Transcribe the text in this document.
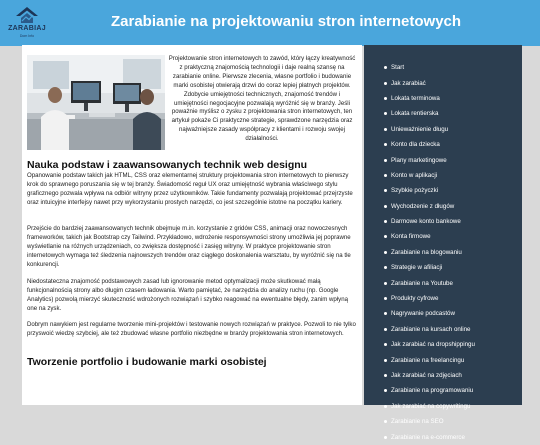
ZARABIAJ
Dom Info
Zarabianie na projektowaniu stron internetowych
Projektowanie stron internetowych to zawód, który łączy kreatywność z praktyczną znajomością technologii i daje realną szansę na zarabianie online. Pierwsze zlecenia, własne portfolio i budowanie marki osobistej otwierają drzwi do coraz lepiej płatnych projektów. Zdobycie umiejętności technicznych, znajomość trendów i umiejętności negocjacyjne pozwalają wyróżnić się w branży. Jeśli poważnie myślisz o zysku z projektowania stron internetowych, ten artykuł pokaże Ci praktyczne strategie, sprawdzone narzędzia oraz najważniejsze zasady współpracy z klientami i rozwoju swojej działalności.
Nauka podstaw i zaawansowanych technik web designu
Opanowanie podstaw takich jak HTML, CSS oraz elementarnej struktury projektowania stron internetowych to pierwszy krok do sprawnego poruszania się w tej branży. Świadomość reguł UX oraz umiejętność wybrania właściwego stylu graficznego pozwala wpływa na odbiór witryny przez użytkowników. Takie fundamenty pozwalają projektować przejrzyste oraz intuicyjne interfejsy nawet przy wykorzystaniu prostych narzędzi, co jest szczególnie istotne na początku kariery.
Przejście do bardziej zaawansowanych technik obejmuje m.in. korzystanie z gridów CSS, animacji oraz nowoczesnych frameworków, takich jak Bootstrap czy Tailwind. Przykładowo, wdrożenie responsywności strony umożliwia jej poprawne wyświetlanie na różnych urządzeniach, co zwiększa dostępność i zasięg witryny. W praktyce projektowanie stron internetowych wymaga też śledzenia najnowszych trendów oraz ciągłego doskonalenia warsztatu, by wyróżnić się na tle konkurencji.
Niedostateczna znajomość podstawowych zasad lub ignorowanie metod optymalizacji może skutkować małą funkcjonalnością strony albo długim czasem ładowania. Warto pamiętać, że narzędzia do analizy ruchu (np. Google Analytics) pozwolą mierzyć skuteczność wdrożonych rozwiązań i szybko reagować na ewentualne błędy, zanim wpłyną one na zysk.
Dobrym nawykiem jest regularne tworzenie mini-projektów i testowanie nowych rozwiązań w praktyce. Pozwoli to nie tylko przyswoić wiedzę szybciej, ale też zbudować własne portfolio niezbędne w branży projektowania stron internetowych.
Tworzenie portfolio i budowanie marki osobistej
Start
Jak zarabiać
Lokata terminowa
Lokata rentierska
Unieważnienie długu
Konto dla dziecka
Plany marketingowe
Konto w aplikacji
Szybkie pożyczki
Wychodzenie z długów
Darmowe konto bankowe
Konta firmowe
Zarabianie na blogowaniu
Strategie w afiliacji
Zarabianie na Youtube
Produkty cyfrowe
Nagrywanie podcastów
Zarabianie na kursach online
Jak zarabiać na dropshippingu
Zarabianie na freelancingu
Jak zarabiać na zdjęciach
Zarabianie na programowaniu
Jak zarabiać na copywritingu
Zarabianie na SEO
Zarabianie na e-commerce
